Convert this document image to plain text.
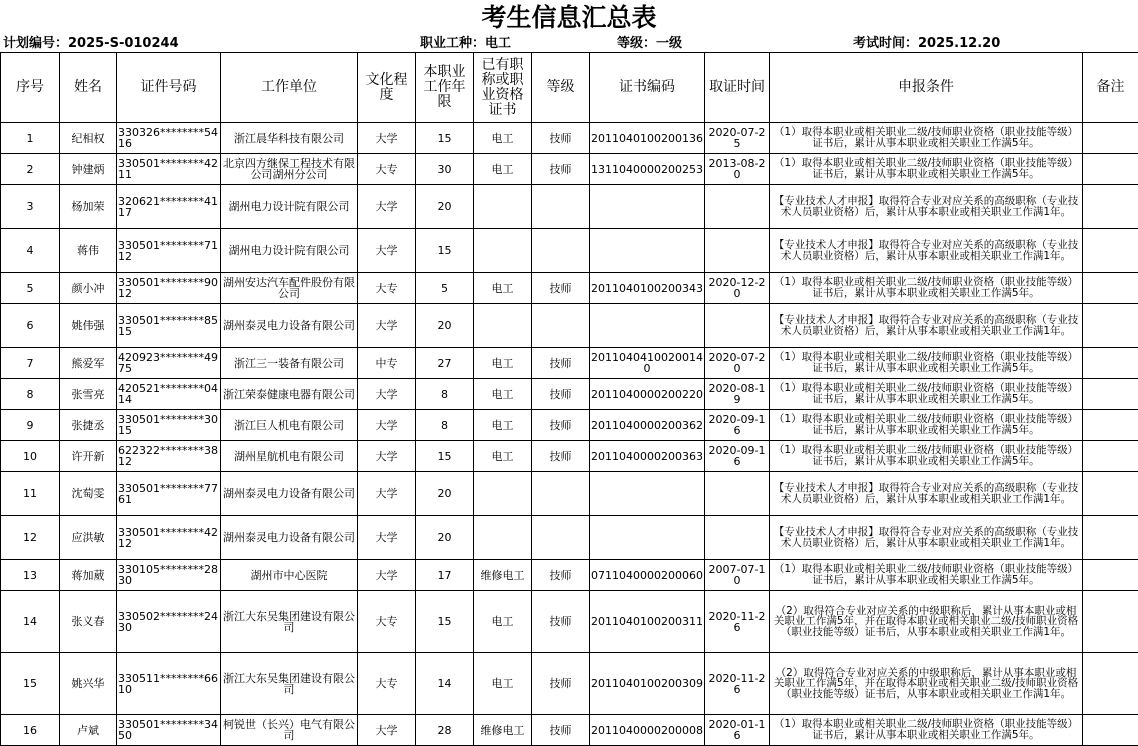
考生信息汇总表
计划编号：2025-S-010244	职业工种：电工	等级：一级	考试时间：2025.12.20
序号	姓名	证件号码	工作单位	文化程度	本职业工作年限	已有职称或职业资格证书	等级	证书编码	取证时间	申报条件	备注
1	纪相权	330326********5416	浙江晨华科技有限公司	大学	15	电工	技师	2011040100200136	2020-07-25	（1）取得本职业或相关职业二级/技师职业资格（职业技能等级）证书后，累计从事本职业或相关职业工作满5年。	
2	钟建炳	330501********4211	北京四方继保工程技术有限公司湖州分公司	大专	30	电工	技师	1311040000200253	2013-08-20	（1）取得本职业或相关职业二级/技师职业资格（职业技能等级）证书后，累计从事本职业或相关职业工作满5年。	
3	杨加荣	320621********4117	湖州电力设计院有限公司	大学	20					【专业技术人才申报】取得符合专业对应关系的高级职称（专业技术人员职业资格）后，累计从事本职业或相关职业工作满1年。	
4	蒋伟	330501********7112	湖州电力设计院有限公司	大学	15					【专业技术人才申报】取得符合专业对应关系的高级职称（专业技术人员职业资格）后，累计从事本职业或相关职业工作满1年。	
5	颜小冲	330501********9012	湖州安达汽车配件股份有限公司	大专	5	电工	技师	2011040100200343	2020-12-20	（1）取得本职业或相关职业二级/技师职业资格（职业技能等级）证书后，累计从事本职业或相关职业工作满5年。	
6	姚伟强	330501********8515	湖州泰灵电力设备有限公司	大学	20					【专业技术人才申报】取得符合专业对应关系的高级职称（专业技术人员职业资格）后，累计从事本职业或相关职业工作满1年。	
7	熊爱军	420923********4975	浙江三一装备有限公司	中专	27	电工	技师	20110404100200140	2020-07-20	（1）取得本职业或相关职业二级/技师职业资格（职业技能等级）证书后，累计从事本职业或相关职业工作满5年。	
8	张雪亮	420521********0414	浙江荣泰健康电器有限公司	大学	8	电工	技师	2011040000200220	2020-08-19	（1）取得本职业或相关职业二级/技师职业资格（职业技能等级）证书后，累计从事本职业或相关职业工作满5年。	
9	张捷丞	330501********3015	浙江巨人机电有限公司	大学	8	电工	技师	2011040000200362	2020-09-16	（1）取得本职业或相关职业二级/技师职业资格（职业技能等级）证书后，累计从事本职业或相关职业工作满5年。	
10	许开新	622322********3812	湖州星航机电有限公司	大学	15	电工	技师	2011040000200363	2020-09-16	（1）取得本职业或相关职业二级/技师职业资格（职业技能等级）证书后，累计从事本职业或相关职业工作满5年。	
11	沈萄雯	330501********7761	湖州泰灵电力设备有限公司	大学	20					【专业技术人才申报】取得符合专业对应关系的高级职称（专业技术人员职业资格）后，累计从事本职业或相关职业工作满1年。	
12	应洪敏	330501********4212	湖州泰灵电力设备有限公司	大学	20					【专业技术人才申报】取得符合专业对应关系的高级职称（专业技术人员职业资格）后，累计从事本职业或相关职业工作满1年。	
13	蒋加葳	330105********2830	湖州市中心医院	大学	17	维修电工	技师	0711040000200060	2007-07-10	（1）取得本职业或相关职业二级/技师职业资格（职业技能等级）证书后，累计从事本职业或相关职业工作满5年。	
14	张义春	330502********2430	浙江大东吴集团建设有限公司	大专	15	电工	技师	2011040100200311	2020-11-26	（2）取得符合专业对应关系的中级职称后，累计从事本职业或相关职业工作满5年，并在取得本职业或相关职业二级/技师职业资格（职业技能等级）证书后，从事本职业或相关职业工作满1年。	
15	姚兴华	330511********6610	浙江大东吴集团建设有限公司	大专	14	电工	技师	2011040100200309	2020-11-26	（2）取得符合专业对应关系的中级职称后，累计从事本职业或相关职业工作满5年，并在取得本职业或相关职业二级/技师职业资格（职业技能等级）证书后，从事本职业或相关职业工作满1年。	
16	卢斌	330501********3450	柯锐世（长兴）电气有限公司	大学	28	维修电工	技师	2011040000200008	2020-01-16	（1）取得本职业或相关职业二级/技师职业资格（职业技能等级）证书后，累计从事本职业或相关职业工作满5年。	
